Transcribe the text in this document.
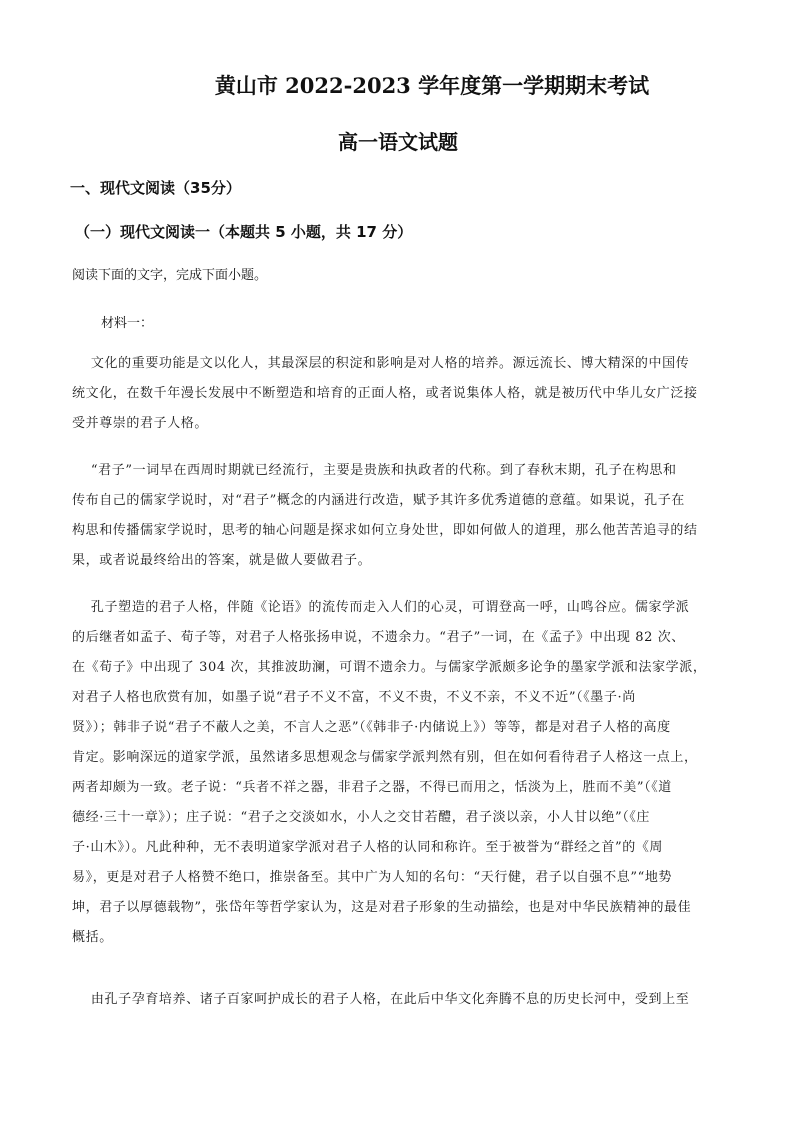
黄山市 2022-2023 学年度第一学期期末考试
高一语文试题
一、现代文阅读（35分）
（一）现代文阅读一（本题共 5 小题，共 17 分）
阅读下面的文字，完成下面小题。
材料一：
文化的重要功能是文以化人，其最深层的积淀和影响是对人格的培养。源远流长、博大精深的中国传
统文化，在数千年漫长发展中不断塑造和培育的正面人格，或者说集体人格，就是被历代中华儿女广泛接
受并尊崇的君子人格。
“君子”一词早在西周时期就已经流行，主要是贵族和执政者的代称。到了春秋末期，孔子在构思和
传布自己的儒家学说时，对“君子”概念的内涵进行改造，赋予其许多优秀道德的意蕴。如果说，孔子在
构思和传播儒家学说时，思考的轴心问题是探求如何立身处世，即如何做人的道理，那么他苦苦追寻的结
果，或者说最终给出的答案，就是做人要做君子。
孔子塑造的君子人格，伴随《论语》的流传而走入人们的心灵，可谓登高一呼，山鸣谷应。儒家学派
的后继者如孟子、荀子等，对君子人格张扬申说，不遗余力。“君子”一词，在《孟子》中出现 82 次、
在《荀子》中出现了 304 次，其推波助澜，可谓不遗余力。与儒家学派颇多论争的墨家学派和法家学派，
对君子人格也欣赏有加，如墨子说“君子不义不富，不义不贵，不义不亲，不义不近”（《墨子·尚
贤》）；韩非子说“君子不蔽人之美，不言人之恶”（《韩非子·内储说上》）等等，都是对君子人格的高度
肯定。影响深远的道家学派，虽然诸多思想观念与儒家学派判然有别，但在如何看待君子人格这一点上，
两者却颇为一致。老子说：“兵者不祥之器，非君子之器，不得已而用之，恬淡为上，胜而不美”（《道
德经·三十一章》）；庄子说：“君子之交淡如水，小人之交甘若醴，君子淡以亲，小人甘以绝”（《庄
子·山木》）。凡此种种，无不表明道家学派对君子人格的认同和称许。至于被誉为“群经之首”的《周
易》，更是对君子人格赞不绝口，推崇备至。其中广为人知的名句：“天行健，君子以自强不息”“地势
坤，君子以厚德载物”，张岱年等哲学家认为，这是对君子形象的生动描绘，也是对中华民族精神的最佳
概括。
由孔子孕育培养、诸子百家呵护成长的君子人格，在此后中华文化奔腾不息的历史长河中，受到上至
